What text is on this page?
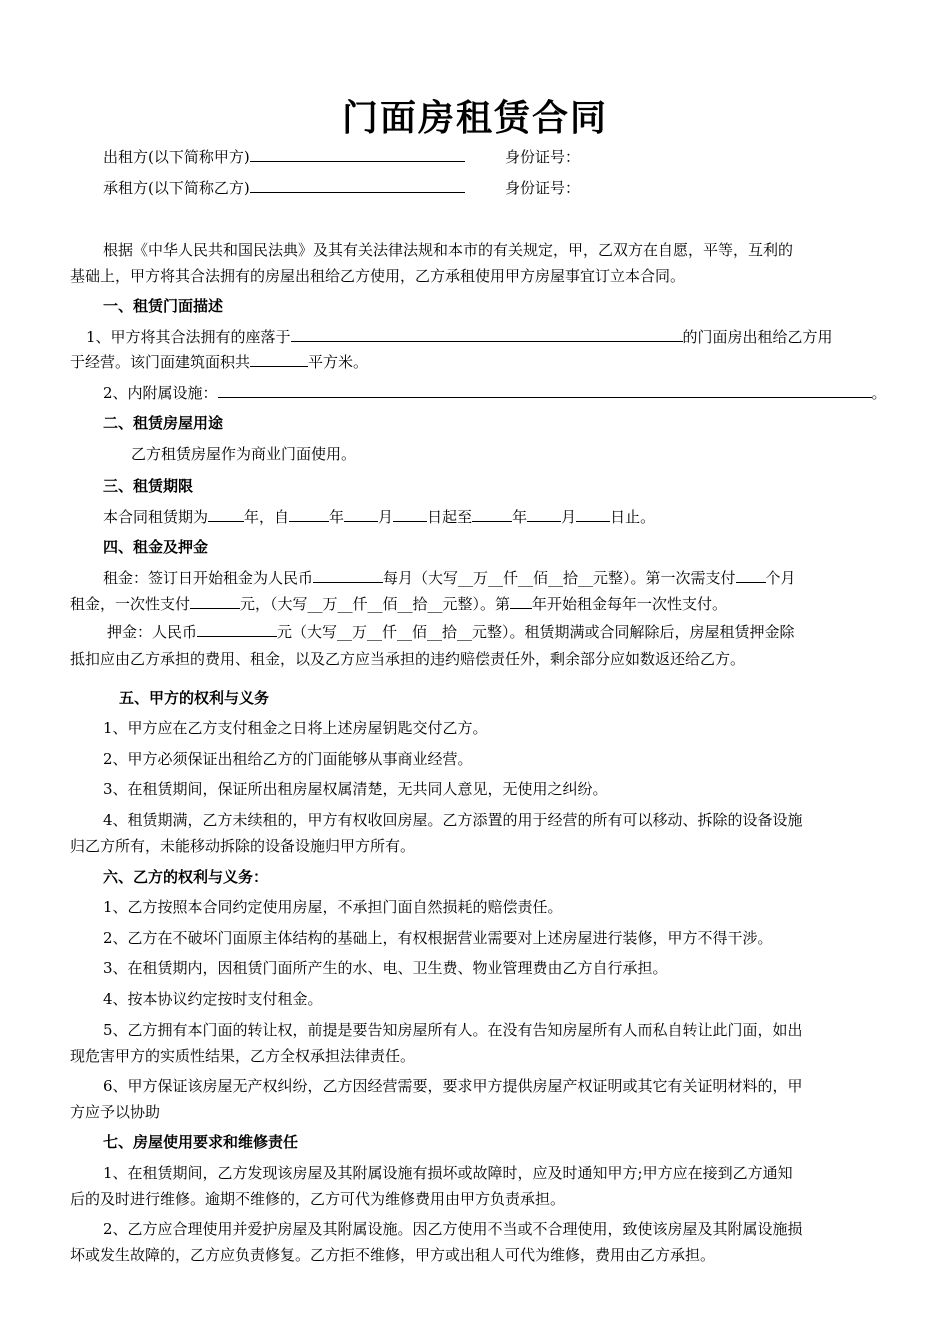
门面房租赁合同
出租方(以下简称甲方)	身份证号：
承租方(以下简称乙方)	身份证号：
根据《中华人民共和国民法典》及其有关法律法规和本市的有关规定，甲，乙双方在自愿，平等，互利的
基础上，甲方将其合法拥有的房屋出租给乙方使用，乙方承租使用甲方房屋事宜订立本合同。
一、租赁门面描述
1、甲方将其合法拥有的座落于	的门面房出租给乙方用
于经营。该门面建筑面积共	平方米。
2、内附属设施：	。
二、租赁房屋用途
乙方租赁房屋作为商业门面使用。
三、租赁期限
本合同租赁期为 年，自	年 月 日起至	年 月 日止。
四、租金及押金
租金：签订日开始租金为人民币	每月（大写__万__仟__佰__拾__元整）。第一次需支付 个月
租金，一次性支付	元，（大写__万__仟__佰__拾__元整）。第 年开始租金每年一次性支付。
押金：人民币	元（大写__万__仟__佰__拾__元整）。租赁期满或合同解除后，房屋租赁押金除
抵扣应由乙方承担的费用、租金，以及乙方应当承担的违约赔偿责任外，剩余部分应如数返还给乙方。
五、甲方的权利与义务
1、甲方应在乙方支付租金之日将上述房屋钥匙交付乙方。
2、甲方必须保证出租给乙方的门面能够从事商业经营。
3、在租赁期间，保证所出租房屋权属清楚，无共同人意见，无使用之纠纷。
4、租赁期满，乙方未续租的，甲方有权收回房屋。乙方添置的用于经营的所有可以移动、拆除的设备设施
归乙方所有，未能移动拆除的设备设施归甲方所有。
六、乙方的权利与义务：
1、乙方按照本合同约定使用房屋，不承担门面自然损耗的赔偿责任。
2、乙方在不破坏门面原主体结构的基础上，有权根据营业需要对上述房屋进行装修，甲方不得干涉。
3、在租赁期内，因租赁门面所产生的水、电、卫生费、物业管理费由乙方自行承担。
4、按本协议约定按时支付租金。
5、乙方拥有本门面的转让权，前提是要告知房屋所有人。在没有告知房屋所有人而私自转让此门面，如出
现危害甲方的实质性结果，乙方全权承担法律责任。
6、甲方保证该房屋无产权纠纷，乙方因经营需要，要求甲方提供房屋产权证明或其它有关证明材料的，甲
方应予以协助
七、房屋使用要求和维修责任
1、在租赁期间，乙方发现该房屋及其附属设施有损坏或故障时，应及时通知甲方;甲方应在接到乙方通知
后的及时进行维修。逾期不维修的，乙方可代为维修费用由甲方负责承担。
2、乙方应合理使用并爱护房屋及其附属设施。因乙方使用不当或不合理使用，致使该房屋及其附属设施损
坏或发生故障的，乙方应负责修复。乙方拒不维修，甲方或出租人可代为维修，费用由乙方承担。
